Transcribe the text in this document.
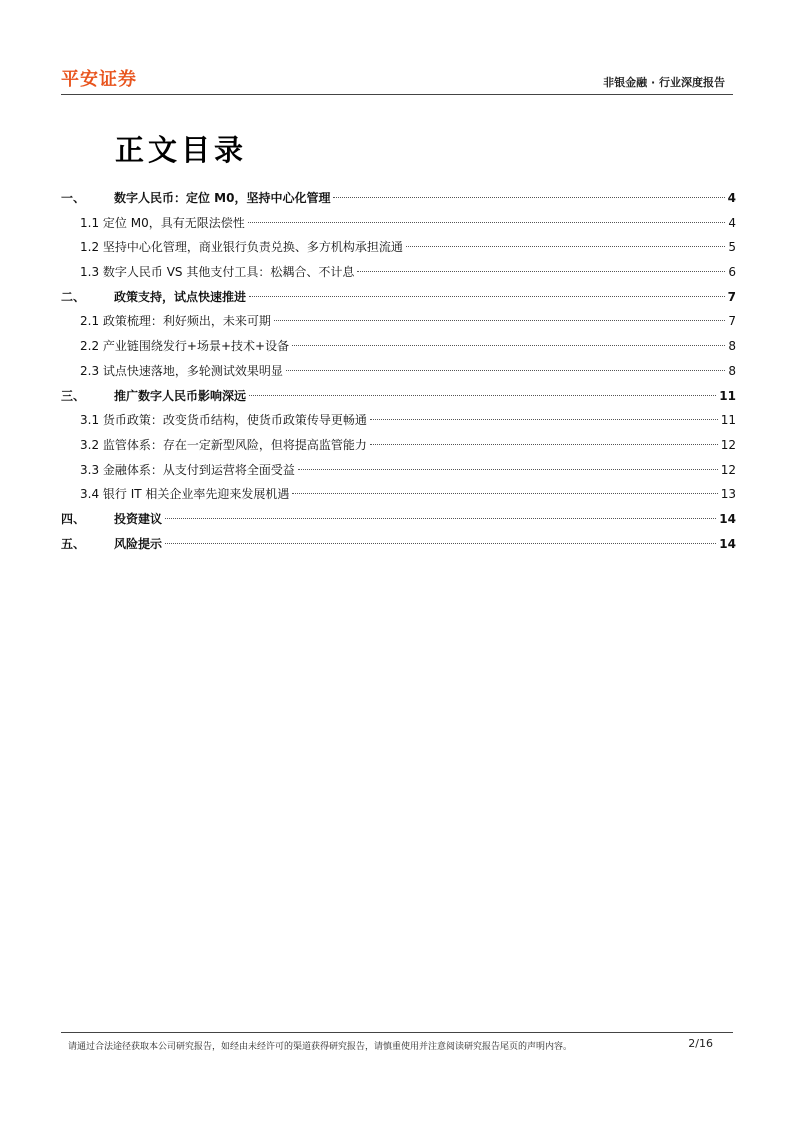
平安证券	非银金融 · 行业深度报告
正文目录
一、	数字人民币：定位 M0，坚持中心化管理	4
1.1 定位 M0，具有无限法偿性	4
1.2 坚持中心化管理，商业银行负责兑换、多方机构承担流通	5
1.3 数字人民币 VS 其他支付工具：松耦合、不计息	6
二、	政策支持，试点快速推进	7
2.1 政策梳理：利好频出，未来可期	7
2.2 产业链围绕发行+场景+技术+设备	8
2.3 试点快速落地，多轮测试效果明显	8
三、	推广数字人民币影响深远	11
3.1 货币政策：改变货币结构，使货币政策传导更畅通	11
3.2 监管体系：存在一定新型风险，但将提高监管能力	12
3.3 金融体系：从支付到运营将全面受益	12
3.4 银行 IT 相关企业率先迎来发展机遇	13
四、	投资建议	14
五、	风险提示	14
请通过合法途径获取本公司研究报告，如经由未经许可的渠道获得研究报告，请慎重使用并注意阅读研究报告尾页的声明内容。	2/16
